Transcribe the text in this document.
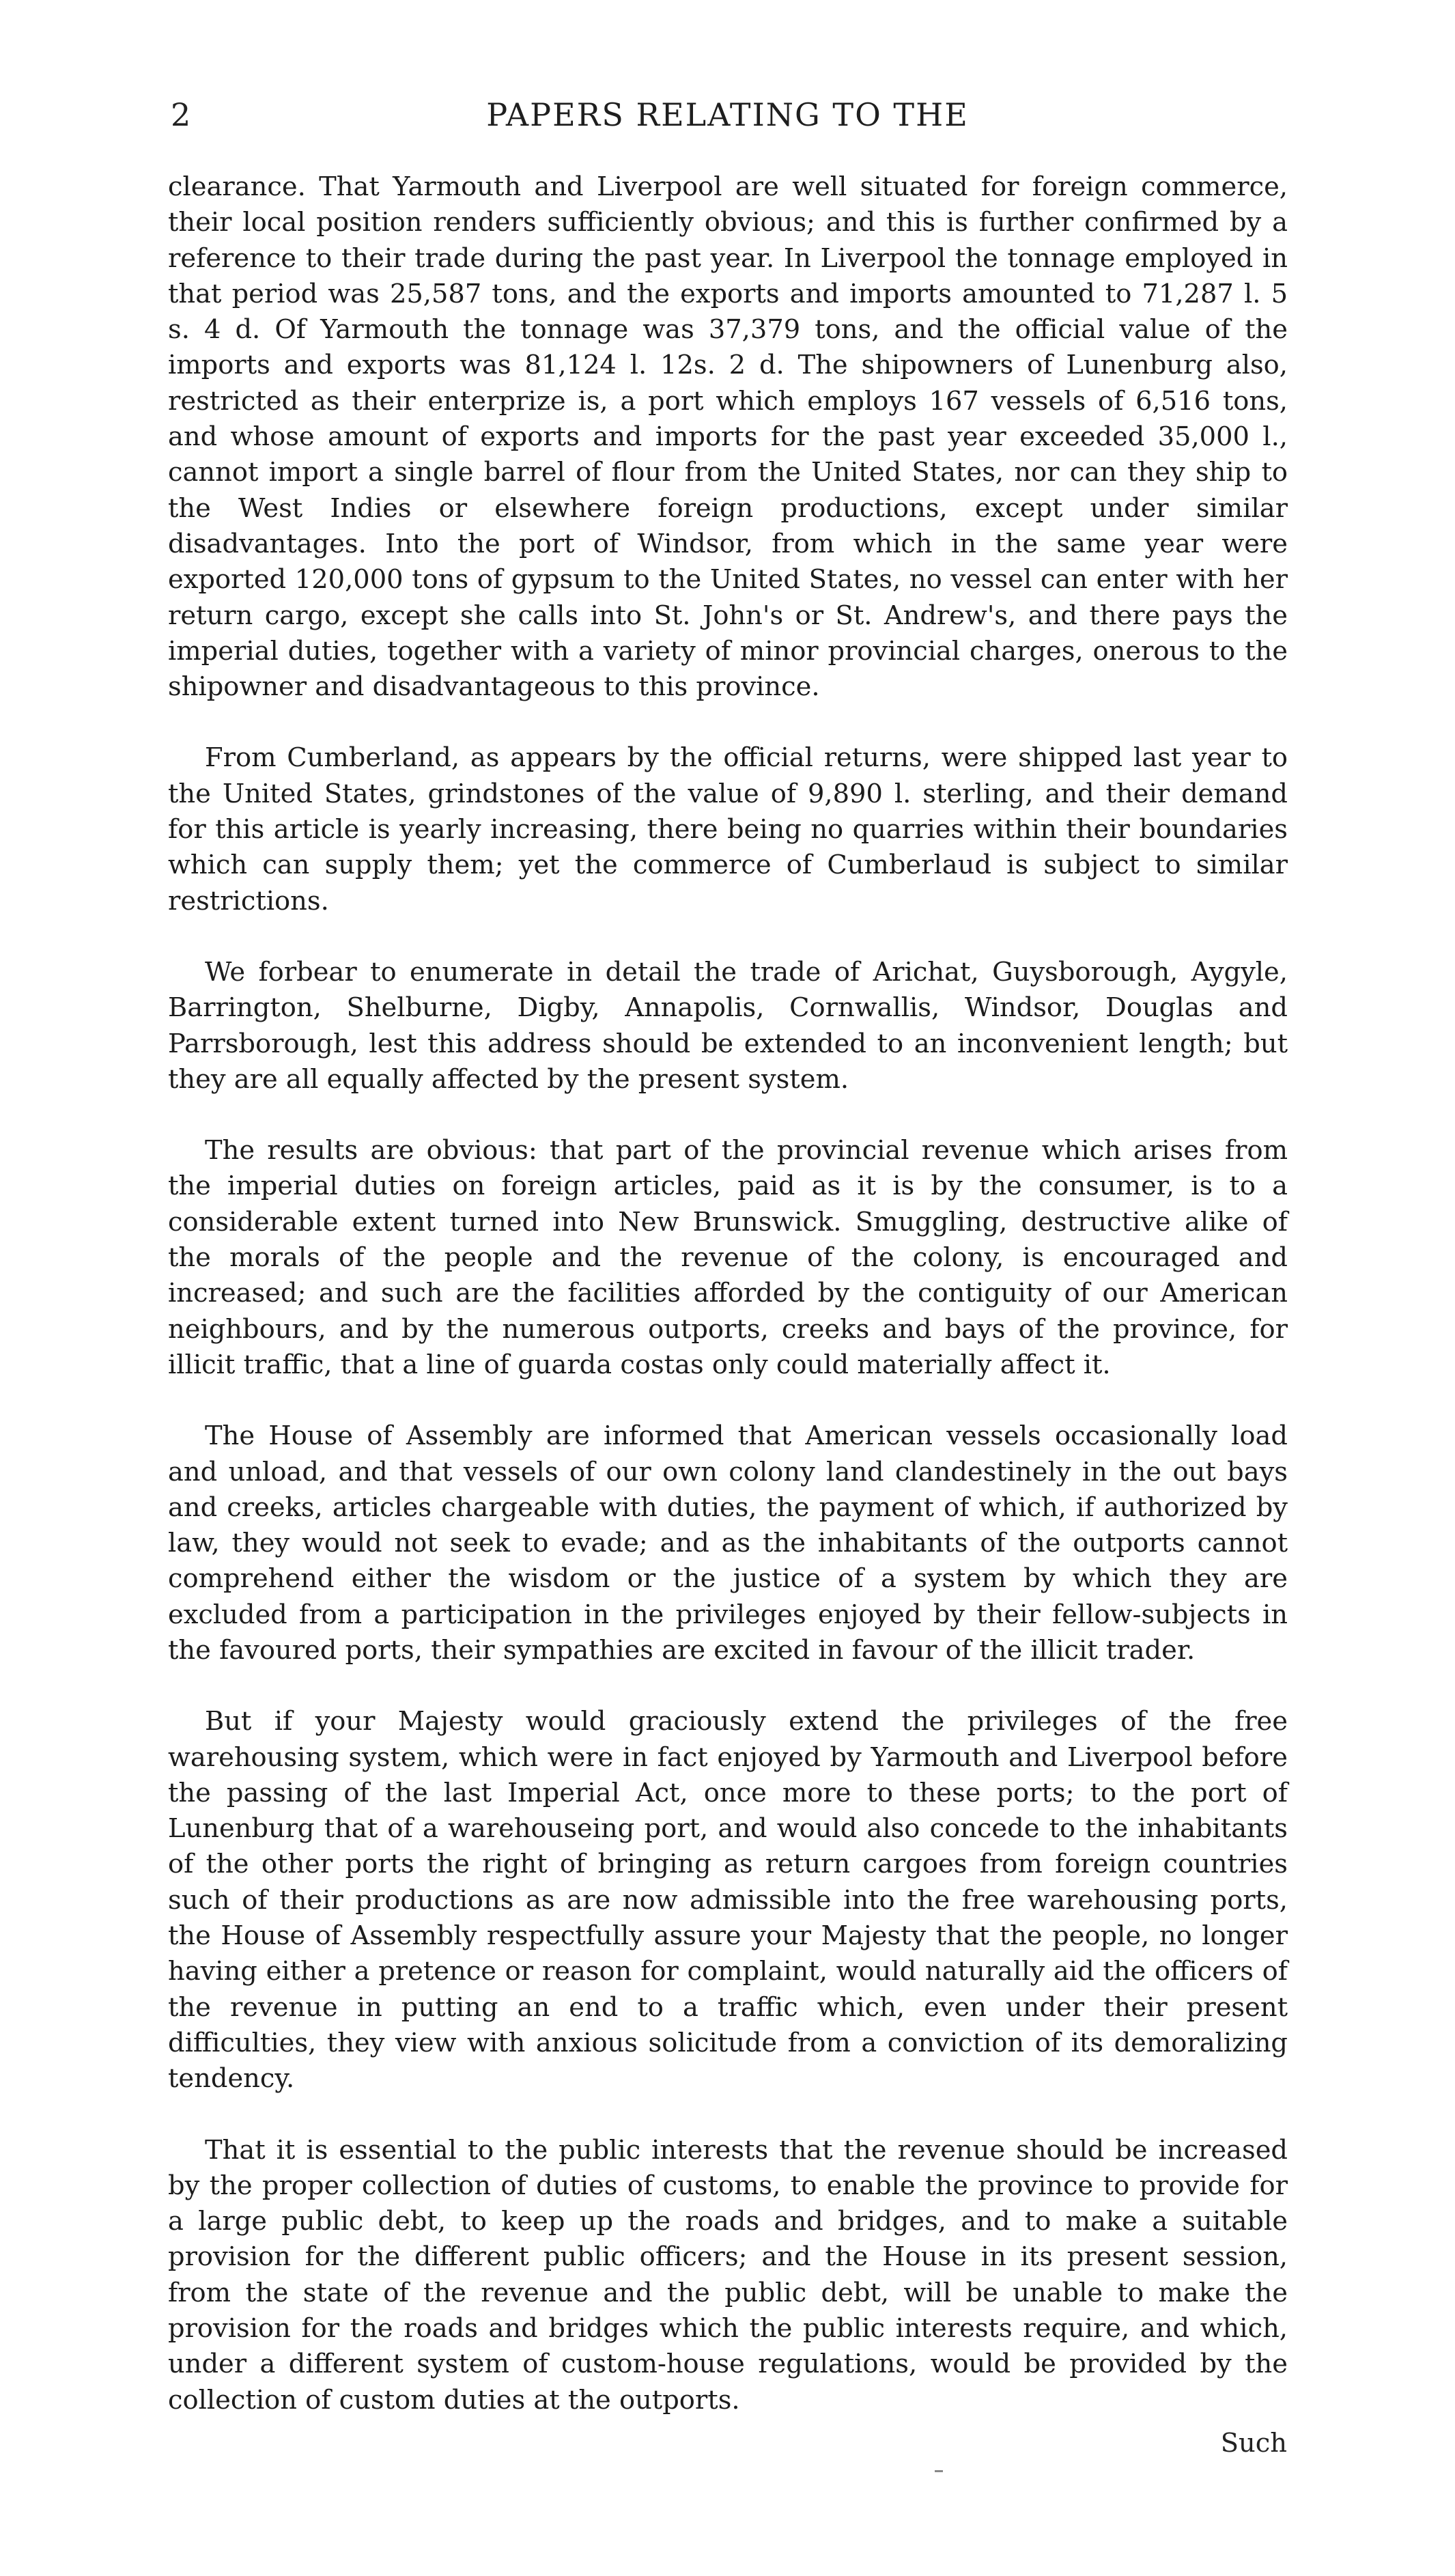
2	PAPERS RELATING TO THE

clearance. That Yarmouth and Liverpool are well situated for foreign commerce, their local position renders sufficiently obvious; and this is further confirmed by a reference to their trade during the past year. In Liverpool the tonnage employed in that period was 25,587 tons, and the exports and imports amounted to 71,287 l. 5 s. 4 d. Of Yarmouth the tonnage was 37,379 tons, and the official value of the imports and exports was 81,124 l. 12s. 2 d. The shipowners of Lunenburg also, restricted as their enterprize is, a port which employs 167 vessels of 6,516 tons, and whose amount of exports and imports for the past year exceeded 35,000 l., cannot import a single barrel of flour from the United States, nor can they ship to the West Indies or elsewhere foreign productions, except under similar disadvantages. Into the port of Windsor, from which in the same year were exported 120,000 tons of gypsum to the United States, no vessel can enter with her return cargo, except she calls into St. John's or St. Andrew's, and there pays the imperial duties, together with a variety of minor provincial charges, onerous to the shipowner and disadvantageous to this province.

From Cumberland, as appears by the official returns, were shipped last year to the United States, grindstones of the value of 9,890 l. sterling, and their demand for this article is yearly increasing, there being no quarries within their boundaries which can supply them; yet the commerce of Cumberlaud is subject to similar restrictions.

We forbear to enumerate in detail the trade of Arichat, Guysborough, Aygyle, Barrington, Shelburne, Digby, Annapolis, Cornwallis, Windsor, Douglas and Parrsborough, lest this address should be extended to an inconvenient length; but they are all equally affected by the present system.

The results are obvious: that part of the provincial revenue which arises from the imperial duties on foreign articles, paid as it is by the consumer, is to a considerable extent turned into New Brunswick. Smuggling, destructive alike of the morals of the people and the revenue of the colony, is encouraged and increased; and such are the facilities afforded by the contiguity of our American neighbours, and by the numerous outports, creeks and bays of the province, for illicit traffic, that a line of guarda costas only could materially affect it.

The House of Assembly are informed that American vessels occasionally load and unload, and that vessels of our own colony land clandestinely in the out bays and creeks, articles chargeable with duties, the payment of which, if authorized by law, they would not seek to evade; and as the inhabitants of the outports cannot comprehend either the wisdom or the justice of a system by which they are excluded from a participation in the privileges enjoyed by their fellow-subjects in the favoured ports, their sympathies are excited in favour of the illicit trader.

But if your Majesty would graciously extend the privileges of the free warehousing system, which were in fact enjoyed by Yarmouth and Liverpool before the passing of the last Imperial Act, once more to these ports; to the port of Lunenburg that of a warehouseing port, and would also concede to the inhabitants of the other ports the right of bringing as return cargoes from foreign countries such of their productions as are now admissible into the free warehousing ports, the House of Assembly respectfully assure your Majesty that the people, no longer having either a pretence or reason for complaint, would naturally aid the officers of the revenue in putting an end to a traffic which, even under their present difficulties, they view with anxious solicitude from a conviction of its demoralizing tendency.

That it is essential to the public interests that the revenue should be increased by the proper collection of duties of customs, to enable the province to provide for a large public debt, to keep up the roads and bridges, and to make a suitable provision for the different public officers; and the House in its present session, from the state of the revenue and the public debt, will be unable to make the provision for the roads and bridges which the public interests require, and which, under a different system of custom-house regulations, would be provided by the collection of custom duties at the outports.

Such
